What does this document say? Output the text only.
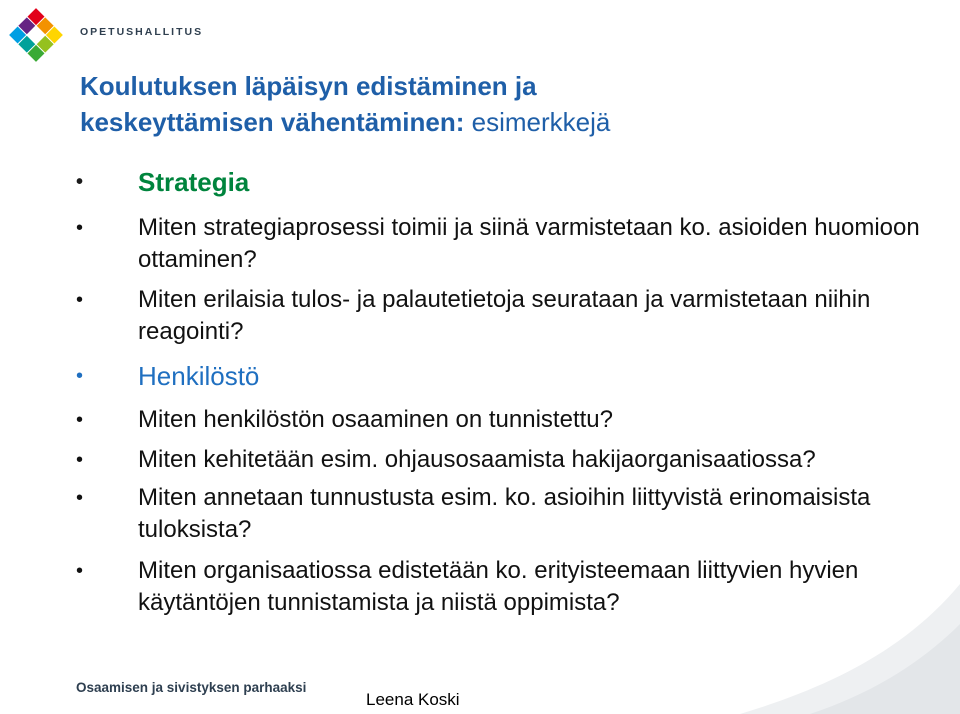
OPETUSHALLITUS
Koulutuksen läpäisyn edistäminen ja
keskeyttämisen vähentäminen: esimerkkejä
•	Strategia
•	Miten strategiaprosessi toimii ja siinä varmistetaan ko. asioiden huomioon ottaminen?
•	Miten erilaisia tulos- ja palautetietoja seurataan ja varmistetaan niihin reagointi?
•	Henkilöstö
•	Miten henkilöstön osaaminen on tunnistettu?
•	Miten kehitetään esim. ohjausosaamista hakijaorganisaatiossa?
•	Miten annetaan tunnustusta esim. ko. asioihin liittyvistä erinomaisista tuloksista?
•	Miten organisaatiossa edistetään ko. erityisteemaan liittyvien hyvien käytäntöjen tunnistamista ja niistä oppimista?
Osaamisen ja sivistyksen parhaaksi
Leena Koski
